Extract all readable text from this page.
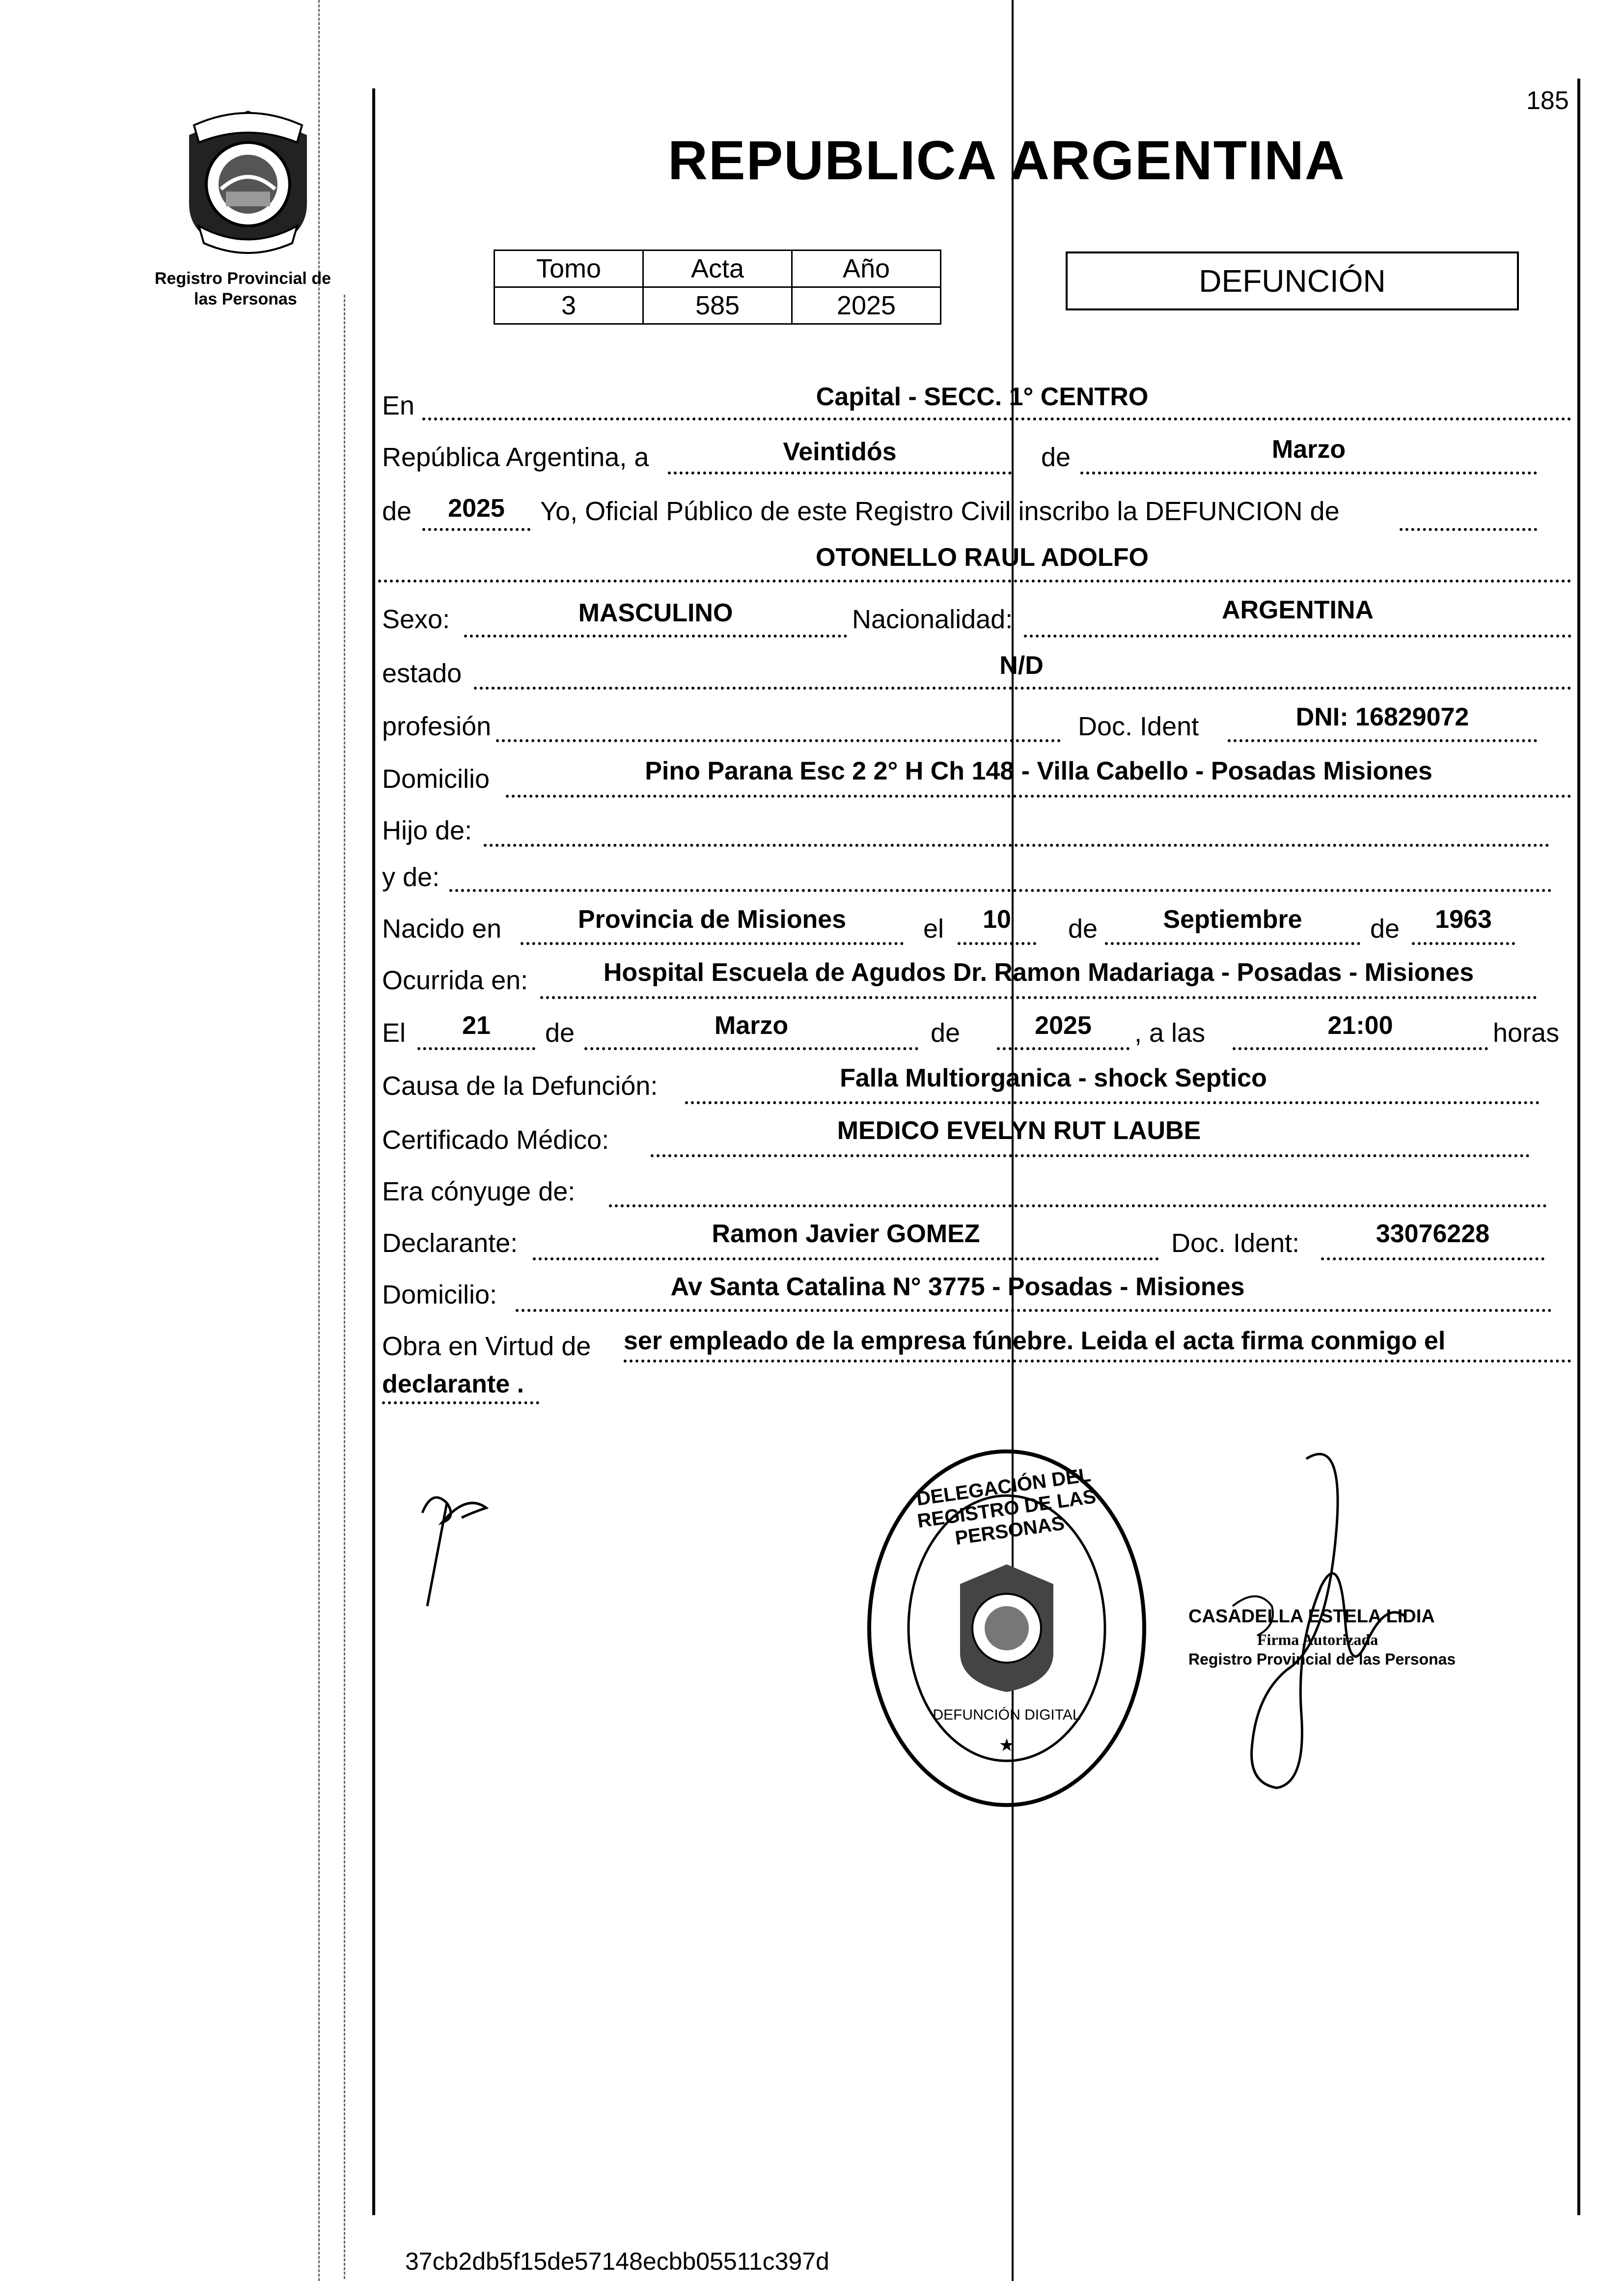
185
Registro Provincial de
las Personas
REPUBLICA ARGENTINA
Tomo	Acta	Año
3	585	2025
DEFUNCIÓN
En	Capital - SECC. 1° CENTRO
República Argentina, a	Veintidós	de	Marzo
de	2025	Yo, Oficial Público de este Registro Civil inscribo la DEFUNCION de
OTONELLO RAUL ADOLFO
Sexo:	MASCULINO	Nacionalidad:	ARGENTINA
estado	N/D
profesión	Doc. Ident	DNI: 16829072
Domicilio	Pino Parana Esc 2 2° H Ch 148 - Villa Cabello - Posadas Misiones
Hijo de:
y de:
Nacido en	Provincia de Misiones	el	10	de	Septiembre	de	1963
Ocurrida en:	Hospital Escuela de Agudos Dr. Ramon Madariaga - Posadas - Misiones
El	21	de	Marzo	de	2025	, a las	21:00	horas
Causa de la Defunción:	Falla Multiorganica - shock Septico
Certificado Médico:	MEDICO EVELYN RUT LAUBE
Era cónyuge de:
Declarante:	Ramon Javier GOMEZ	Doc. Ident:	33076228
Domicilio:	Av Santa Catalina N° 3775 - Posadas - Misiones
Obra en Virtud de ser empleado de la empresa fúnebre. Leida el acta firma conmigo el
declarante .
★
DELEGACIÓN DEL REGISTRO DE LAS PERSONAS
DEFUNCIÓN DIGITAL
CASADELLA ESTELA LIDIA
Firma Autorizada
Registro Provincial de las Personas
37cb2db5f15de57148ecbb05511c397d
